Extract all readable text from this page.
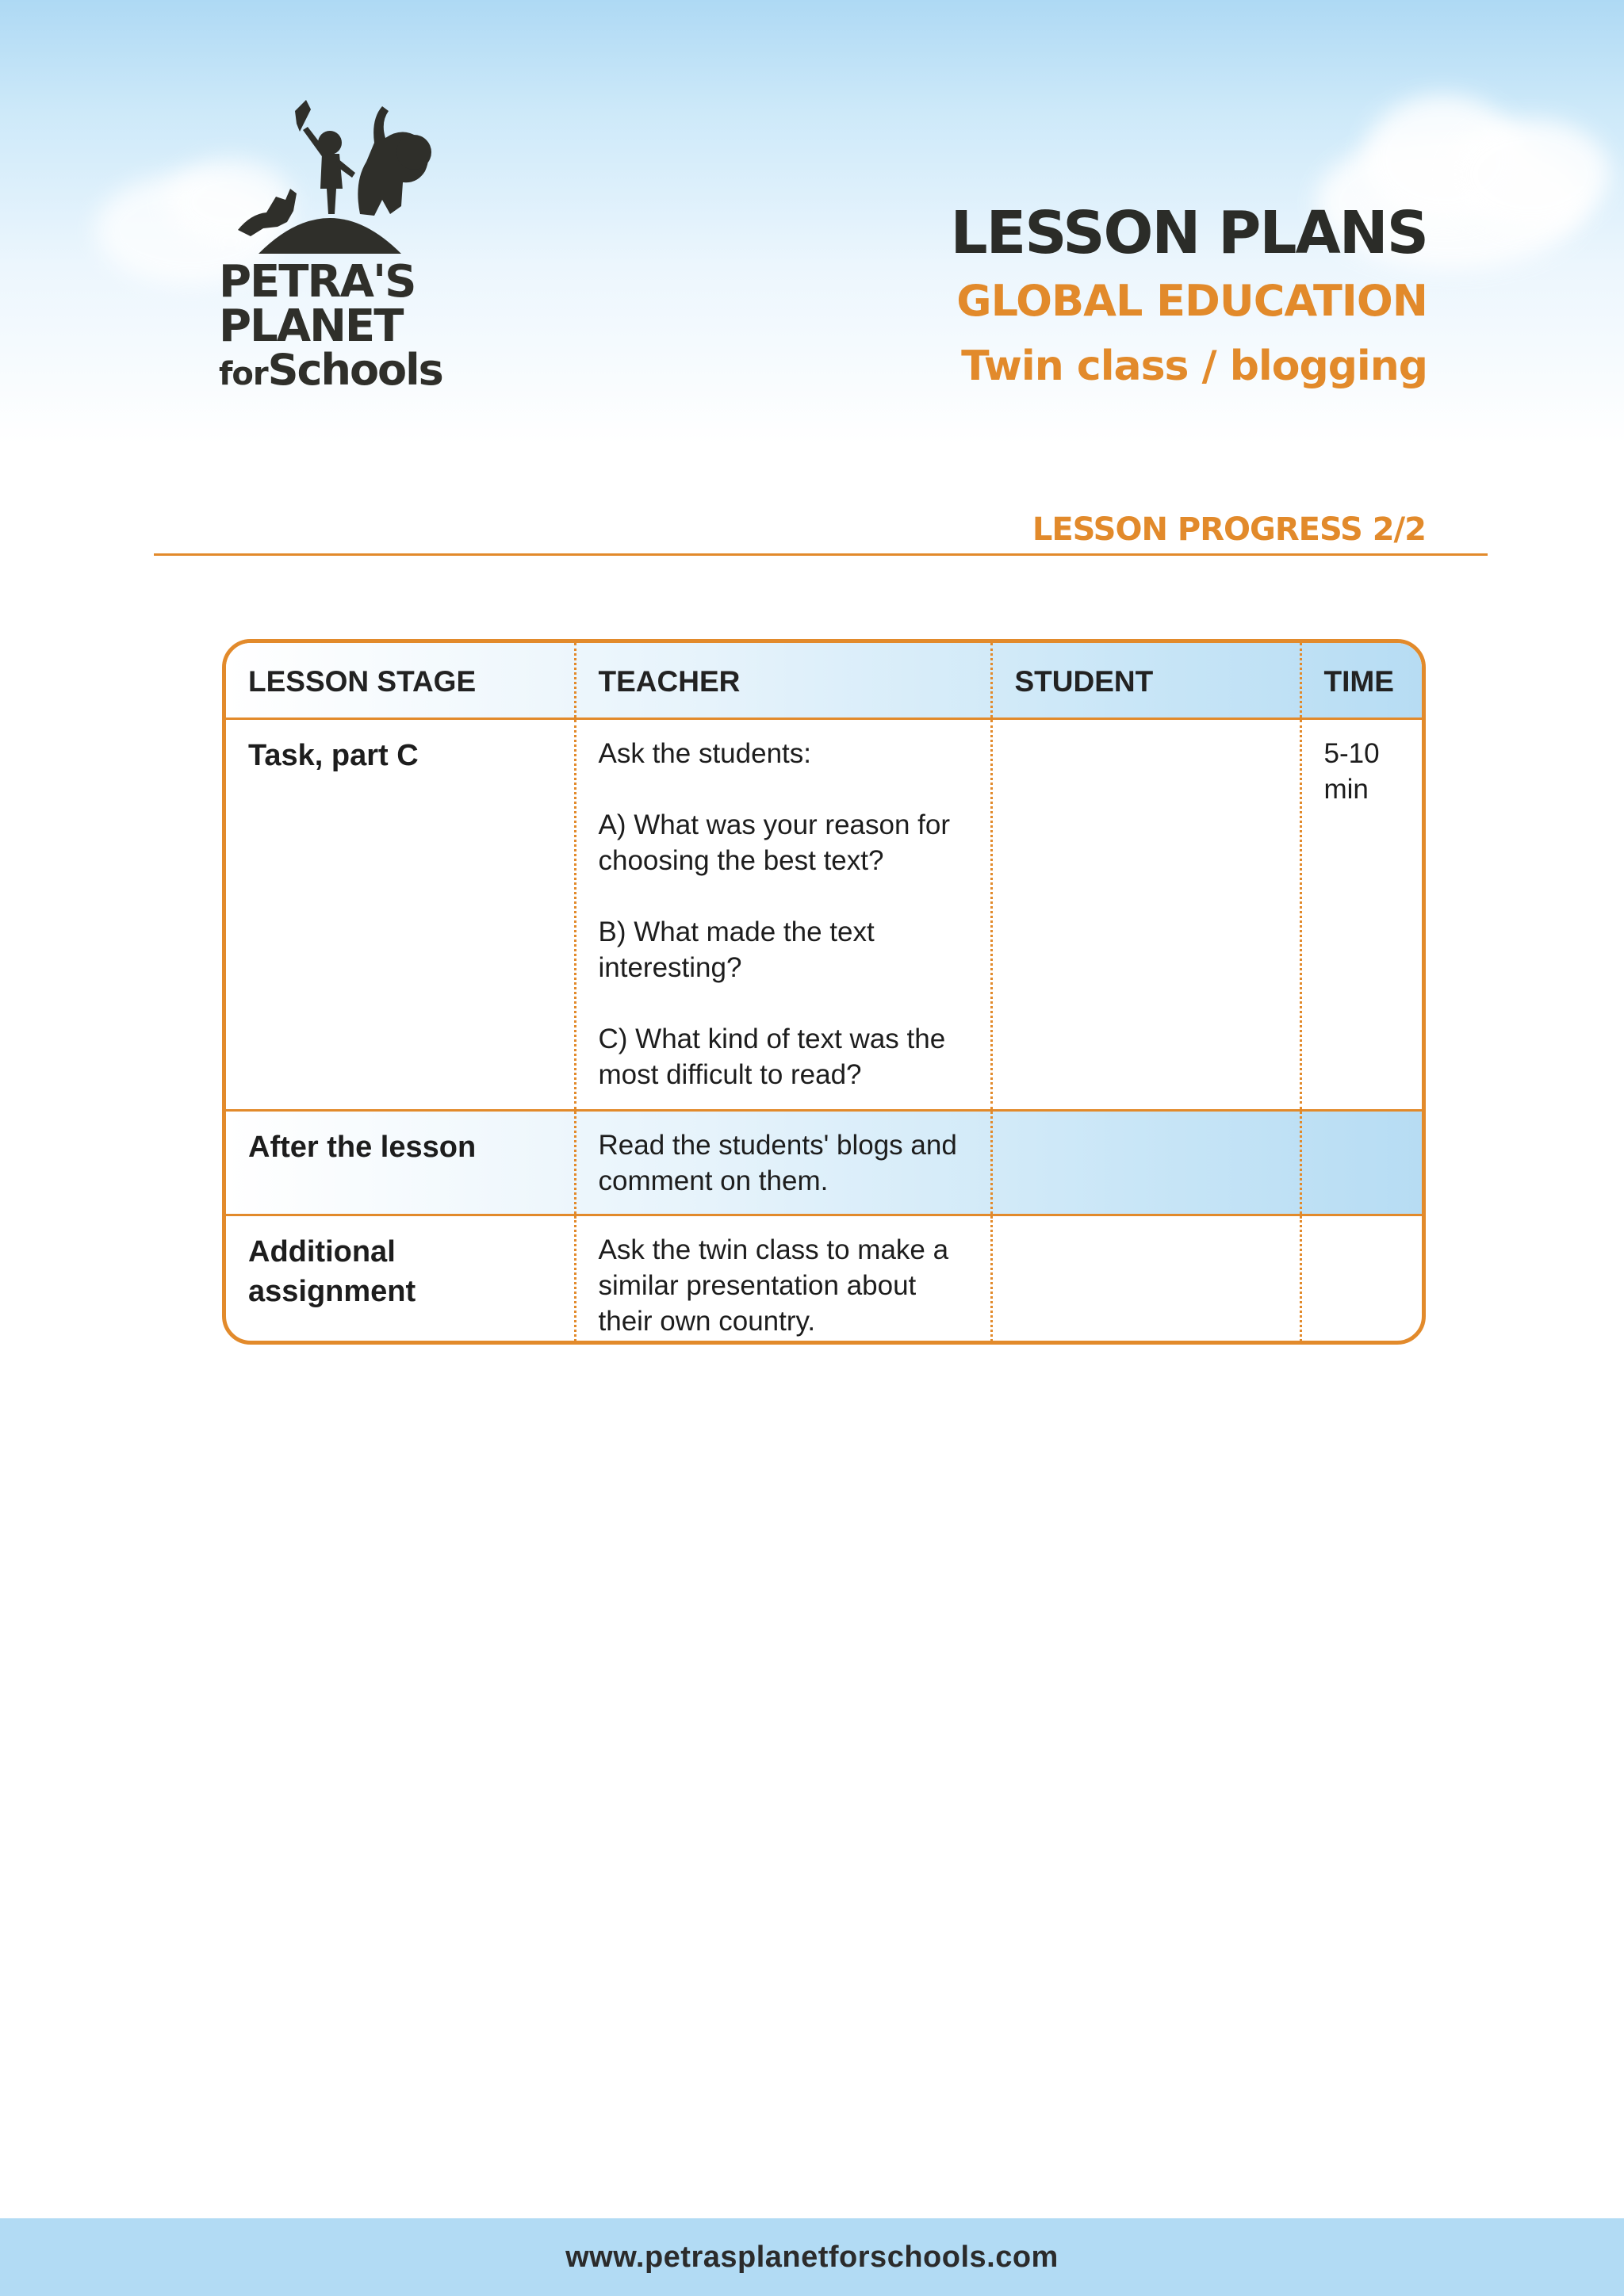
PETRA'S
PLANET
forSchools

LESSON PLANS

GLOBAL EDUCATION

Twin class / blogging

LESSON PROGRESS 2/2
LESSON STAGE	TEACHER	STUDENT	TIME
Task, part C	Ask the students:

A) What was your reason for choosing the best text?

B) What made the text interesting?

C) What kind of text was the most difficult to read?		5-10 min
After the lesson	Read the students' blogs and comment on them.		

Additional assignment	Ask the twin class to make a similar presentation about their own country.		

www.petrasplanetforschools.com
